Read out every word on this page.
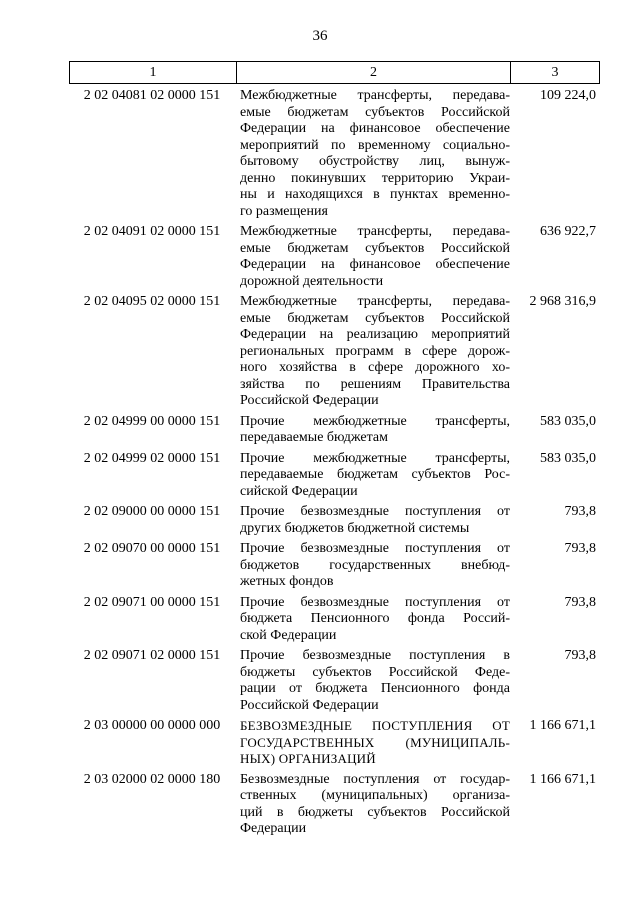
36
1	2	3
2 02 04081 02 0000 151	Межбюджетные трансферты, передава-
емые бюджетам субъектов Российской
Федерации на финансовое обеспечение
мероприятий по временному социально-
бытовому обустройству лиц, вынуж-
денно покинувших территорию Украи-
ны и находящихся в пунктах временно-
го размещения
109 224,0
2 02 04091 02 0000 151	Межбюджетные трансферты, передава-
емые бюджетам субъектов Российской
Федерации на финансовое обеспечение
дорожной деятельности
636 922,7
2 02 04095 02 0000 151	Межбюджетные трансферты, передава-
емые бюджетам субъектов Российской
Федерации на реализацию мероприятий
региональных программ в сфере дорож-
ного хозяйства в сфере дорожного хо-
зяйства по решениям Правительства
Российской Федерации
2 968 316,9
2 02 04999 00 0000 151	Прочие межбюджетные трансферты,
передаваемые бюджетам
583 035,0
2 02 04999 02 0000 151	Прочие межбюджетные трансферты,
передаваемые бюджетам субъектов Рос-
сийской Федерации
583 035,0
2 02 09000 00 0000 151	Прочие безвозмездные поступления от
других бюджетов бюджетной системы
793,8
2 02 09070 00 0000 151	Прочие безвозмездные поступления от
бюджетов государственных внебюд-
жетных фондов
793,8
2 02 09071 00 0000 151	Прочие безвозмездные поступления от
бюджета Пенсионного фонда Россий-
ской Федерации
793,8
2 02 09071 02 0000 151	Прочие безвозмездные поступления в
бюджеты субъектов Российской Феде-
рации от бюджета Пенсионного фонда
Российской Федерации
793,8
2 03 00000 00 0000 000	БЕЗВОЗМЕЗДНЫЕ ПОСТУПЛЕНИЯ ОТ
ГОСУДАРСТВЕННЫХ (МУНИЦИПАЛЬ-
НЫХ) ОРГАНИЗАЦИЙ
1 166 671,1
2 03 02000 02 0000 180	Безвозмездные поступления от государ-
ственных (муниципальных) организа-
ций в бюджеты субъектов Российской
Федерации
1 166 671,1
